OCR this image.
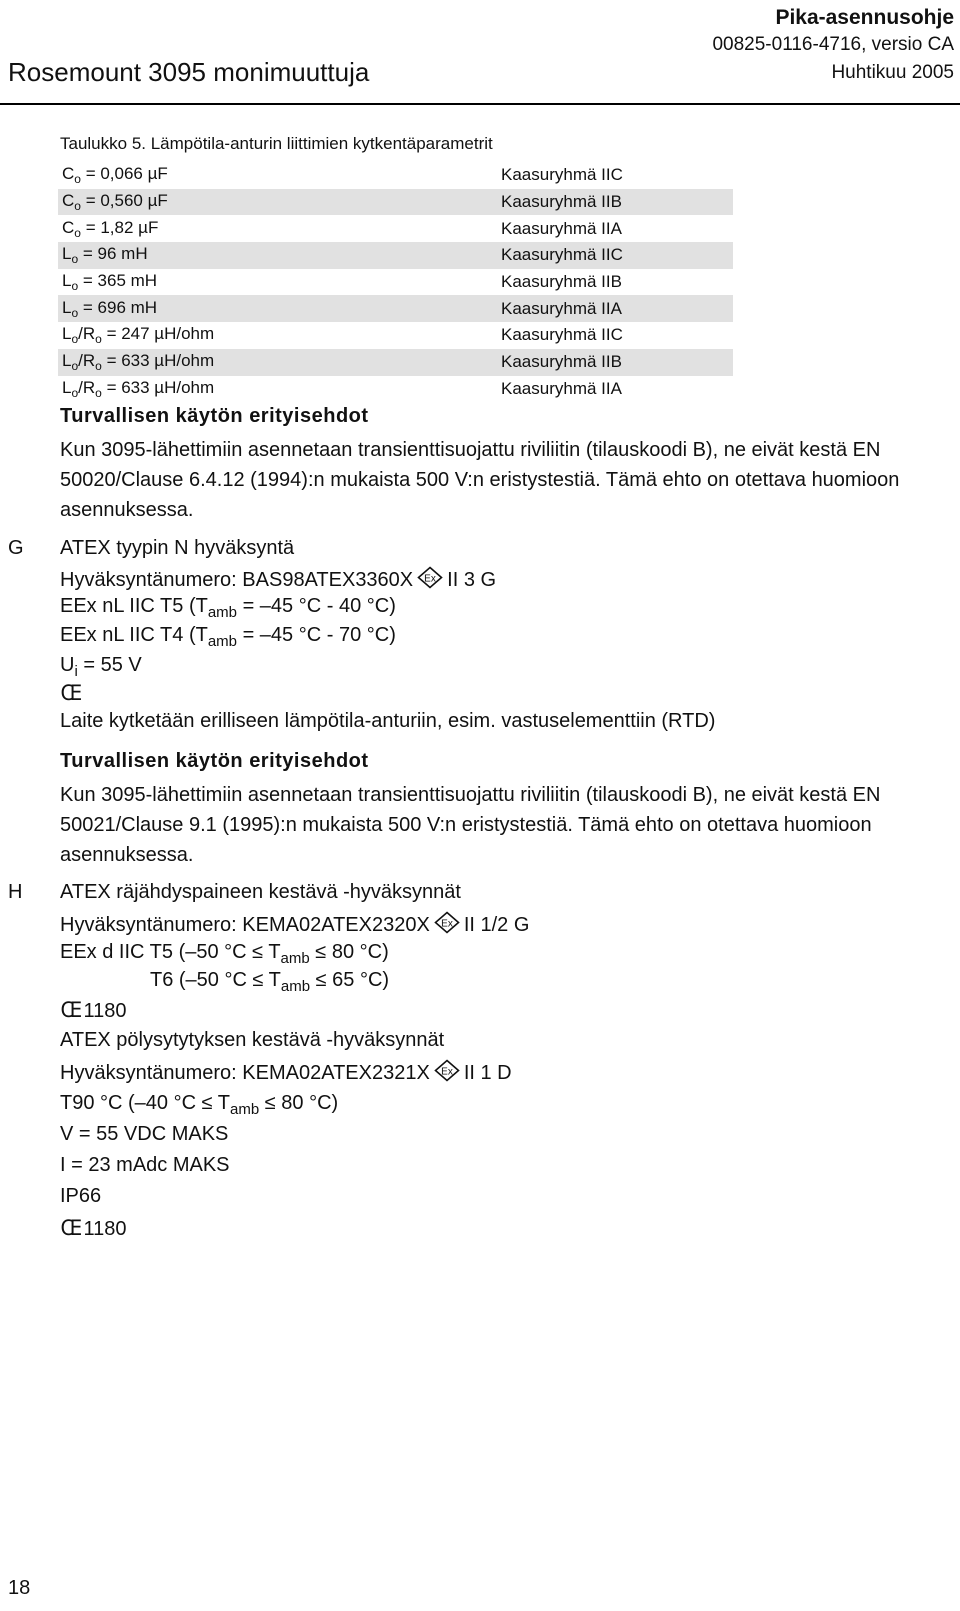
Pika-asennusohje
00825-0116-4716, versio CA
Huhtikuu 2005
Rosemount 3095 monimuuttuja
Taulukko 5. Lämpötila-anturin liittimien kytkentäparametrit
$C_o = 0,066$ µF	Kaasuryhmä IIC
$C_o = 0,560$ µF	Kaasuryhmä IIB
$C_o = 1,82$ µF	Kaasuryhmä IIA
$L_o = 96$ mH	Kaasuryhmä IIC
$L_o = 365$ mH	Kaasuryhmä IIB
$L_o = 696$ mH	Kaasuryhmä IIA
$L_o/R_o = 247$ µH/ohm	Kaasuryhmä IIC
$L_o/R_o = 633$ µH/ohm	Kaasuryhmä IIB
$L_o/R_o = 633$ µH/ohm	Kaasuryhmä IIA
Turvallisen käytön erityisehdot
Kun 3095-lähettimiin asennetaan transienttisuojattu riviliitin (tilauskoodi B), ne eivät kestä EN 50020/Clause 6.4.12 (1994):n mukaista 500 V:n eristystestiä. Tämä ehto on otettava huomioon asennuksessa.
G ATEX tyypin N hyväksyntä
Hyväksyntänumero: BAS98ATEX3360X Ex II 3 G
EEx nL IIC T5 ($T_{amb} = -45$ °C - 40 °C)
EEx nL IIC T4 ($T_{amb} = -45$ °C - 70 °C)
$U_i = 55$ V
CE
Laite kytketään erilliseen lämpötila-anturiin, esim. vastuselementtiin (RTD)
Turvallisen käytön erityisehdot
Kun 3095-lähettimiin asennetaan transienttisuojattu riviliitin (tilauskoodi B), ne eivät kestä EN 50021/Clause 9.1 (1995):n mukaista 500 V:n eristystestiä. Tämä ehto on otettava huomioon asennuksessa.
H ATEX räjähdyspaineen kestävä -hyväksynnät
Hyväksyntänumero: KEMA02ATEX2320X Ex II 1/2 G
EEx d IIC T5 (–50 $^\circ C \le T_{amb} \le 80$ °C)
T6 (–50 $^\circ C \le T_{amb} \le 65$ °C)
CE 1180
ATEX pölysytytyksen kestävä -hyväksynnät
Hyväksyntänumero: KEMA02ATEX2321X Ex II 1 D
T90 °C (–40 $^\circ C \le T_{amb} \le 80$ °C)
V = 55 VDC MAKS
I = 23 mAdc MAKS
IP66
CE 1180
18
